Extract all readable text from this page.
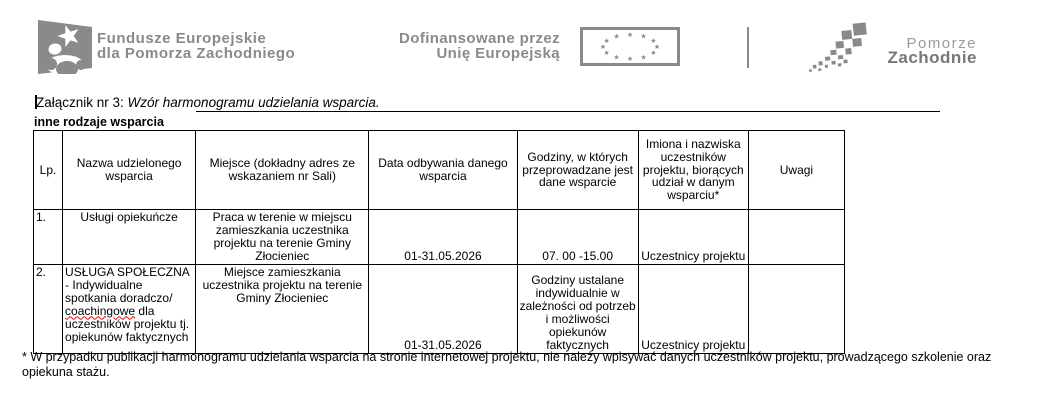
Fundusze Europejskie
dla Pomorza Zachodniego
Dofinansowane przez
Unię Europejską	★
★
★
★
★
★
★
★
★ ★ ★
★	Pomorze
Zachodnie
Załącznik nr 3: Wzór harmonogramu udzielania wsparcia.
inne rodzaje wsparcia
Lp.	Nazwa udzielonego wsparcia	Miejsce (dokładny adres ze wskazaniem nr Sali)	Data odbywania danego wsparcia	Godziny, w których przeprowadzane jest dane wsparcie	Imiona i nazwiska uczestników projektu, biorących udział w danym wsparciu*	Uwagi
1.	Usługi opiekuńcze	Praca w terenie w miejscu zamieszkania uczestnika projektu na terenie Gminy Złocieniec	01-31.05.2026	07. 00 -15.00	Uczestnicy projektu	
2.	USŁUGA SPOŁECZNA - Indywidualne spotkania doradczo/ coachingowe dla uczestników projektu tj. opiekunów faktycznych	Miejsce zamieszkania uczestnika projektu na terenie Gminy Złocieniec	01-31.05.2026	Godziny ustalane indywidualnie w zależności od potrzeb i możliwości opiekunów faktycznych	Uczestnicy projektu	
* W przypadku publikacji harmonogramu udzielania wsparcia na stronie internetowej projektu, nie należy wpisywać danych uczestników projektu, prowadzącego szkolenie oraz
opiekuna stażu.
